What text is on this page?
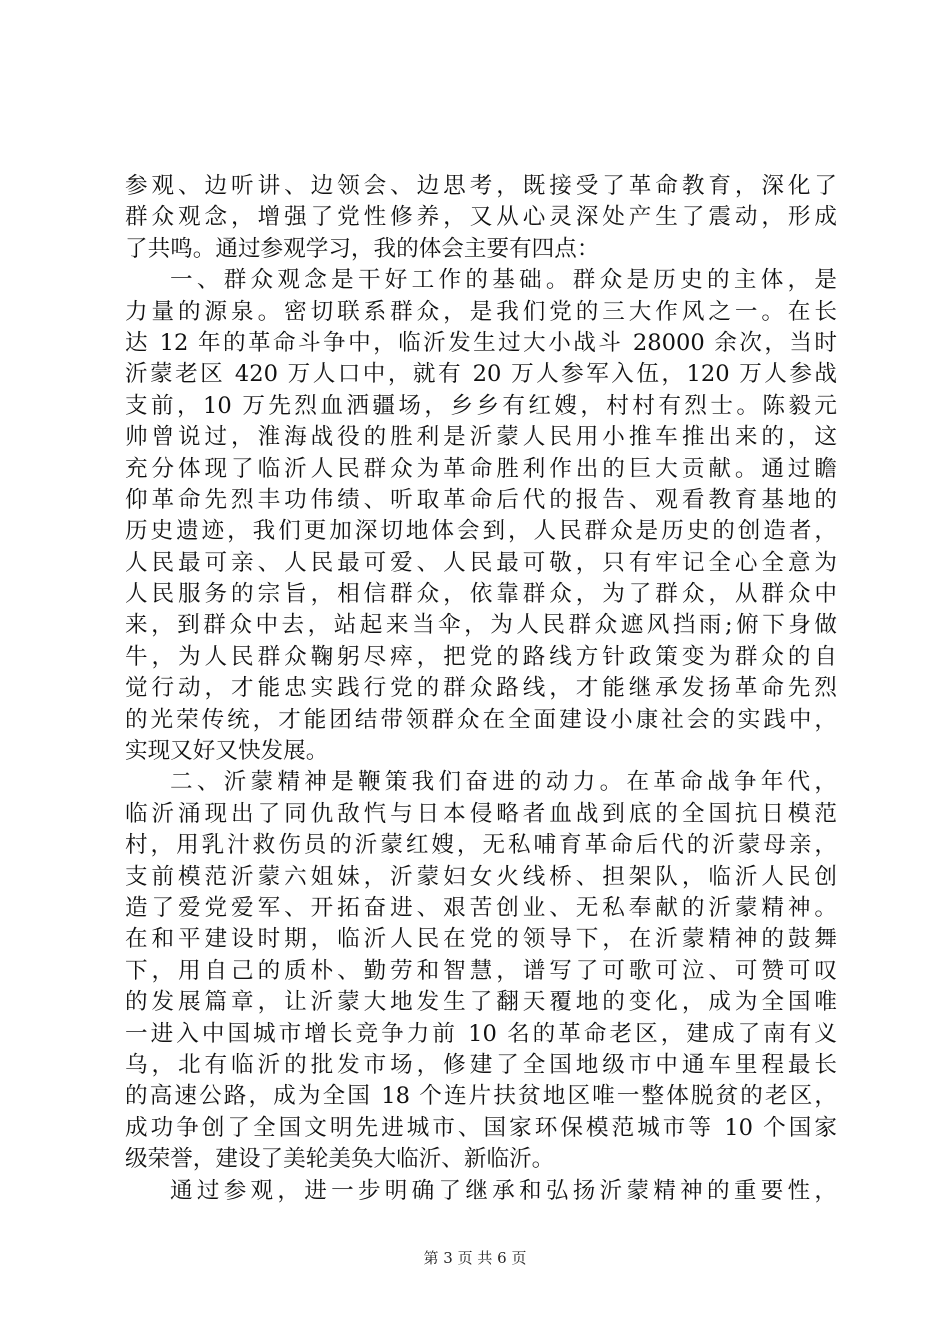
参观、边听讲、边领会、边思考，既接受了革命教育，深化了
群众观念，增强了党性修养，又从心灵深处产生了震动，形成
了共鸣。通过参观学习，我的体会主要有四点：
一、群众观念是干好工作的基础。群众是历史的主体，是
力量的源泉。密切联系群众，是我们党的三大作风之一。在长
达 12 年的革命斗争中，临沂发生过大小战斗 28000 余次，当时
沂蒙老区 420 万人口中，就有 20 万人参军入伍，120 万人参战
支前，10 万先烈血洒疆场，乡乡有红嫂，村村有烈士。陈毅元
帅曾说过，淮海战役的胜利是沂蒙人民用小推车推出来的，这
充分体现了临沂人民群众为革命胜利作出的巨大贡献。通过瞻
仰革命先烈丰功伟绩、听取革命后代的报告、观看教育基地的
历史遗迹，我们更加深切地体会到，人民群众是历史的创造者，
人民最可亲、人民最可爱、人民最可敬，只有牢记全心全意为
人民服务的宗旨，相信群众，依靠群众，为了群众，从群众中
来，到群众中去，站起来当伞，为人民群众遮风挡雨;俯下身做
牛，为人民群众鞠躬尽瘁，把党的路线方针政策变为群众的自
觉行动，才能忠实践行党的群众路线，才能继承发扬革命先烈
的光荣传统，才能团结带领群众在全面建设小康社会的实践中，
实现又好又快发展。
二、沂蒙精神是鞭策我们奋进的动力。在革命战争年代，
临沂涌现出了同仇敌忾与日本侵略者血战到底的全国抗日模范
村，用乳汁救伤员的沂蒙红嫂，无私哺育革命后代的沂蒙母亲，
支前模范沂蒙六姐妹，沂蒙妇女火线桥、担架队，临沂人民创
造了爱党爱军、开拓奋进、艰苦创业、无私奉献的沂蒙精神。
在和平建设时期，临沂人民在党的领导下，在沂蒙精神的鼓舞
下，用自己的质朴、勤劳和智慧，谱写了可歌可泣、可赞可叹
的发展篇章，让沂蒙大地发生了翻天覆地的变化，成为全国唯
一进入中国城市增长竞争力前 10 名的革命老区，建成了南有义
乌，北有临沂的批发市场，修建了全国地级市中通车里程最长
的高速公路，成为全国 18 个连片扶贫地区唯一整体脱贫的老区，
成功争创了全国文明先进城市、国家环保模范城市等 10 个国家
级荣誉，建设了美轮美奂大临沂、新临沂。
通过参观，进一步明确了继承和弘扬沂蒙精神的重要性，
第 3 页 共 6 页
